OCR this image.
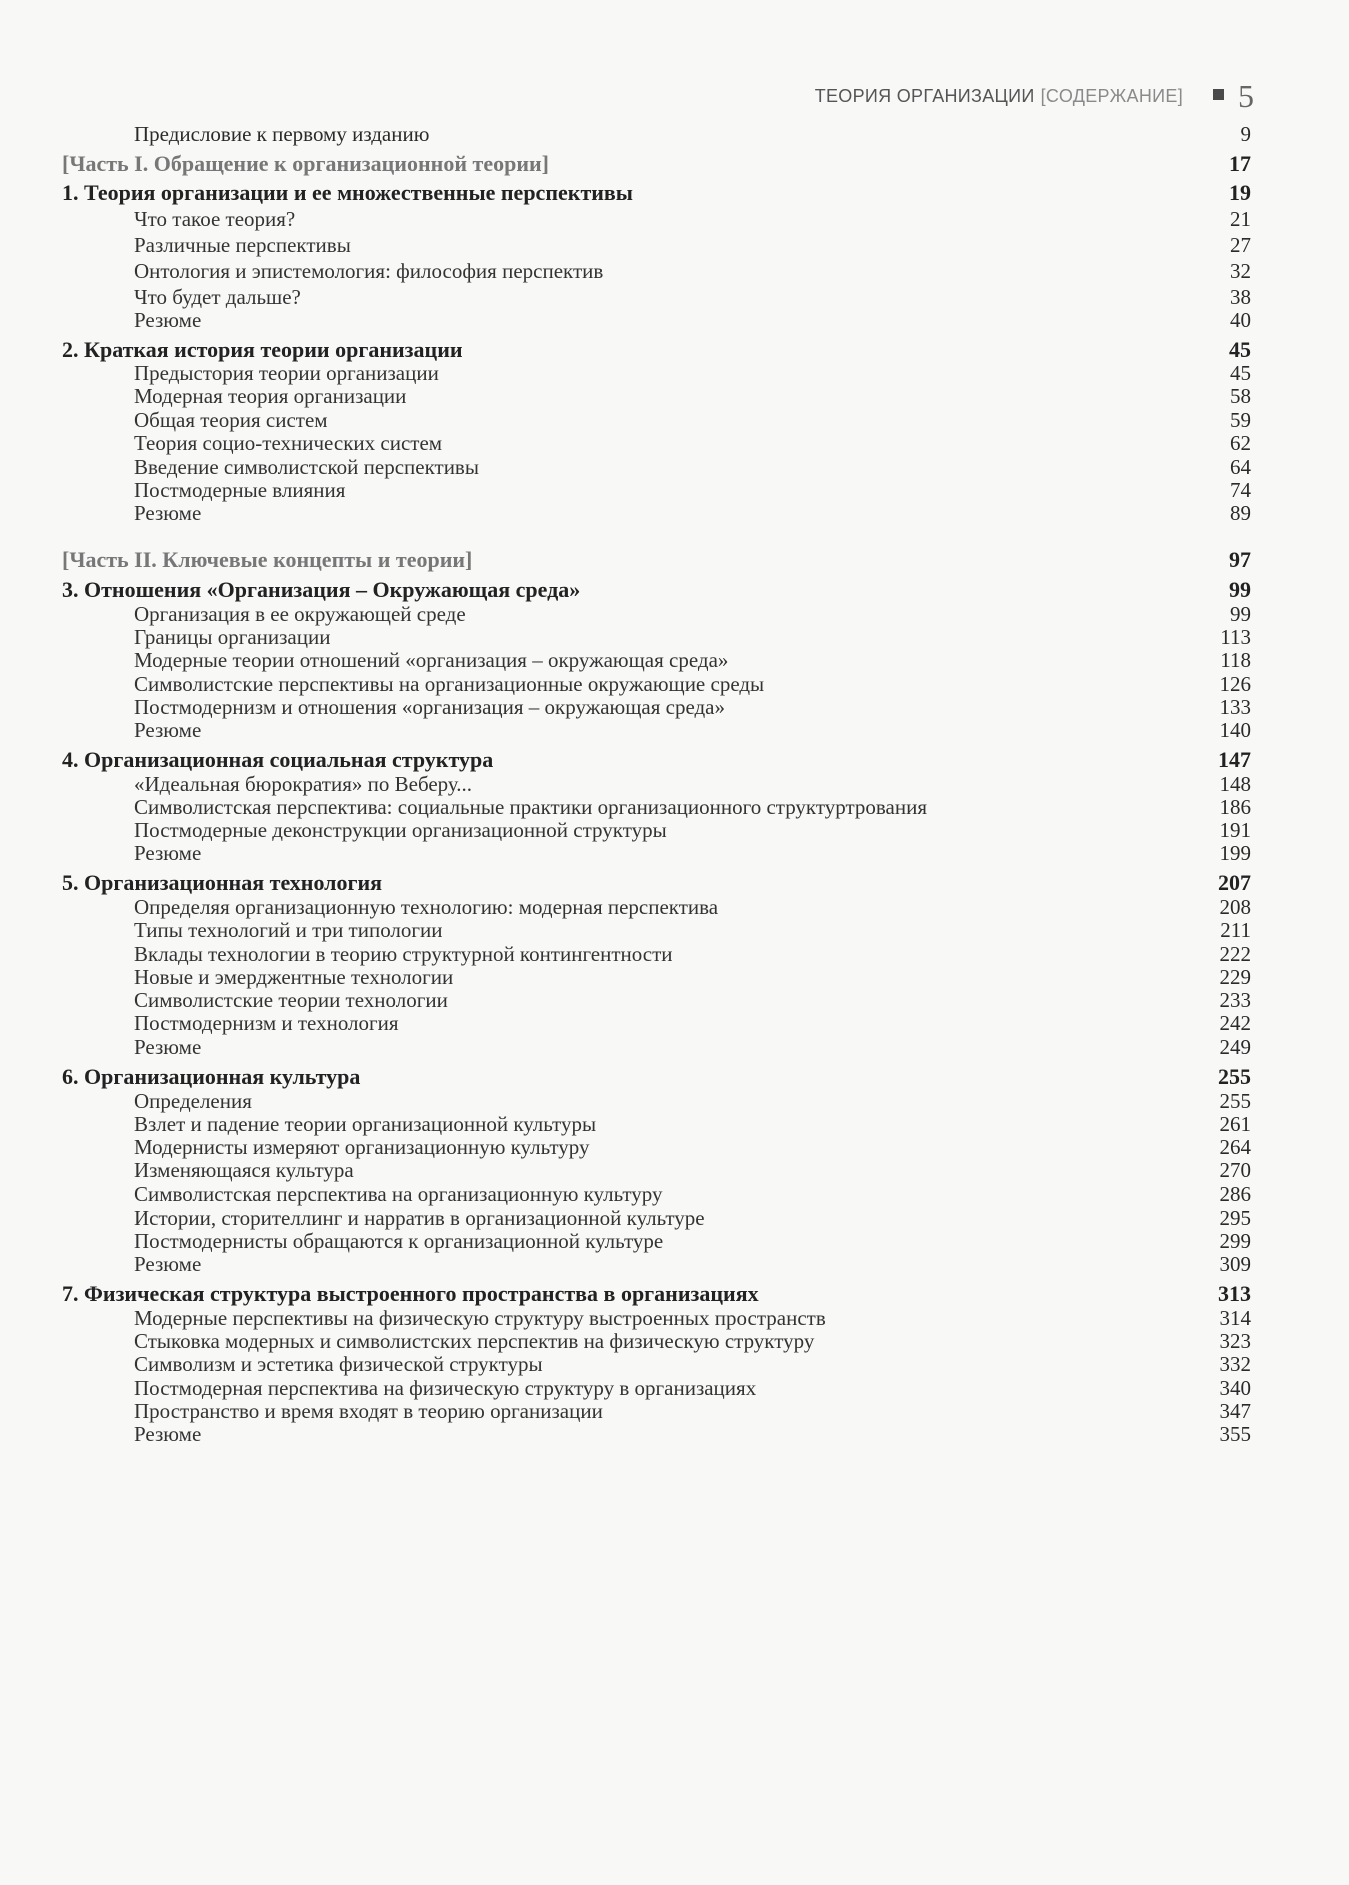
ТЕОРИЯ ОРГАНИЗАЦИИ [СОДЕРЖАНИЕ] 5
Предисловие к первому изданию	9
[Часть I. Обращение к организационной теории]	17
1. Теория организации и ее множественные перспективы	19
Что такое теория?	21
Различные перспективы	27
Онтология и эпистемология: философия перспектив	32
Что будет дальше?	38
Резюме	40
2. Краткая история теории организации	45
Предыстория теории организации	45
Модерная теория организации	58
Общая теория систем	59
Теория социо-технических систем	62
Введение символистской перспективы	64
Постмодерные влияния	74
Резюме	89
[Часть II. Ключевые концепты и теории]	97
3. Отношения «Организация – Окружающая среда»	99
Организация в ее окружающей среде	99
Границы организации	113
Модерные теории отношений «организация – окружающая среда»	118
Символистские перспективы на организационные окружающие среды	126
Постмодернизм и отношения «организация – окружающая среда»	133
Резюме	140
4. Организационная социальная структура	147
«Идеальная бюрократия» по Веберу...	148
Символистская перспектива: социальные практики организационного структуртрования	186
Постмодерные деконструкции организационной структуры	191
Резюме	199
5. Организационная технология	207
Определяя организационную технологию: модерная перспектива	208
Типы технологий и три типологии	211
Вклады технологии в теорию структурной контингентности	222
Новые и эмерджентные технологии	229
Символистские теории технологии	233
Постмодернизм и технология	242
Резюме	249
6. Организационная культура	255
Определения	255
Взлет и падение теории организационной культуры	261
Модернисты измеряют организационную культуру	264
Изменяющаяся культура	270
Символистская перспектива на организационную культуру	286
Истории, сторителлинг и нарратив в организационной культуре	295
Постмодернисты обращаются к организационной культуре	299
Резюме	309
7. Физическая структура выстроенного пространства в организациях	313
Модерные перспективы на физическую структуру выстроенных пространств	314
Стыковка модерных и символистских перспектив на физическую структуру	323
Символизм и эстетика физической структуры	332
Постмодерная перспектива на физическую структуру в организациях	340
Пространство и время входят в теорию организации	347
Резюме	355
